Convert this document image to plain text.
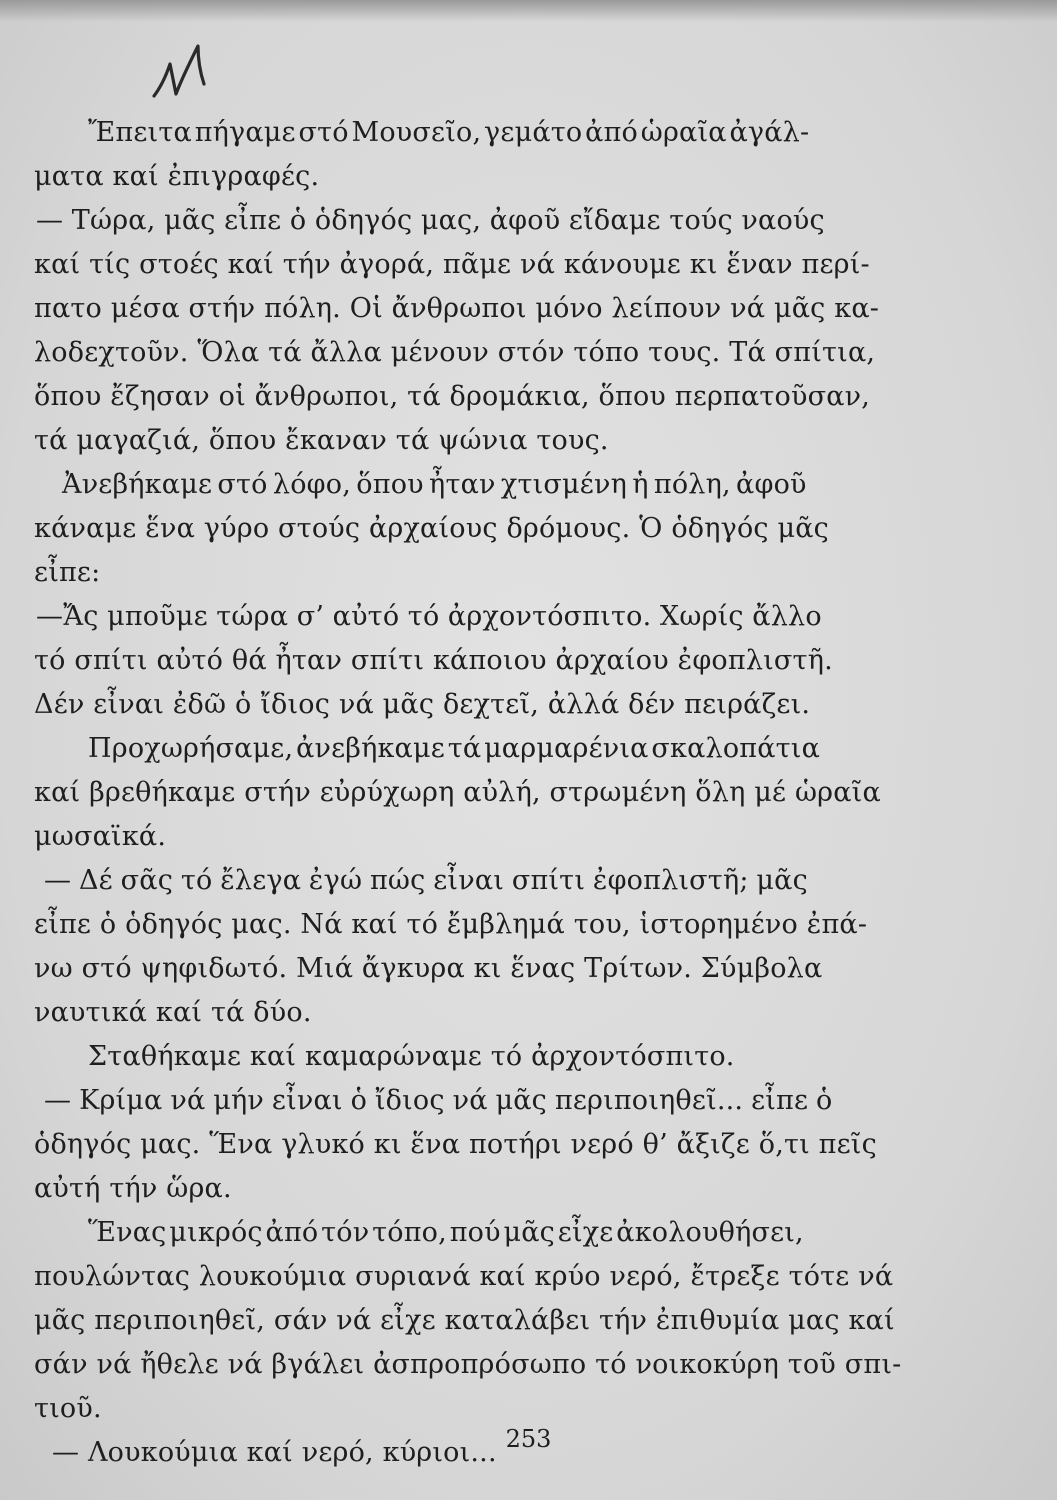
Ἔπειτα πήγαμε στό Μουσεῖο, γεμάτο ἀπό ὡραῖα ἀγάλ-
ματα καί ἐπιγραφές.
— Τώρα, μᾶς εἶπε ὁ ὁδηγός μας, ἀφοῦ εἴδαμε τούς ναούς
καί τίς στοές καί τήν ἀγορά, πᾶμε νά κάνουμε κι ἕναν περί-
πατο μέσα στήν πόλη. Οἱ ἄνθρωποι μόνο λείπουν νά μᾶς κα-
λοδεχτοῦν. Ὅλα τά ἄλλα μένουν στόν τόπο τους. Τά σπίτια,
ὅπου ἔζησαν οἱ ἄνθρωποι, τά δρομάκια, ὅπου περπατοῦσαν,
τά μαγαζιά, ὅπου ἔκαναν τά ψώνια τους.
Ἀνεβήκαμε στό λόφο, ὅπου ἦταν χτισμένη ἡ πόλη, ἀφοῦ
κάναμε ἕνα γύρο στούς ἀρχαίους δρόμους. Ὁ ὁδηγός μᾶς
εἶπε:
—Ἄς μποῦμε τώρα σ’ αὐτό τό ἀρχοντόσπιτο. Χωρίς ἄλλο
τό σπίτι αὐτό θά ἦταν σπίτι κάποιου ἀρχαίου ἐφοπλιστῆ.
Δέν εἶναι ἐδῶ ὁ ἴδιος νά μᾶς δεχτεῖ, ἀλλά δέν πειράζει.
Προχωρήσαμε, ἀνεβήκαμε τά μαρμαρένια σκαλοπάτια
καί βρεθήκαμε στήν εὐρύχωρη αὐλή, στρωμένη ὅλη μέ ὡραῖα
μωσαϊκά.
— Δέ σᾶς τό ἔλεγα ἐγώ πώς εἶναι σπίτι ἐφοπλιστῆ; μᾶς
εἶπε ὁ ὁδηγός μας. Νά καί τό ἔμβλημά του, ἱστορημένο ἐπά-
νω στό ψηφιδωτό. Μιά ἄγκυρα κι ἕνας Τρίτων. Σύμβολα
ναυτικά καί τά δύο.
Σταθήκαμε καί καμαρώναμε τό ἀρχοντόσπιτο.
— Κρίμα νά μήν εἶναι ὁ ἴδιος νά μᾶς περιποιηθεῖ... εἶπε ὁ
ὁδηγός μας. Ἕνα γλυκό κι ἕνα ποτήρι νερό θ’ ἄξιζε ὅ,τι πεῖς
αὐτή τήν ὥρα.
Ἕνας μικρός ἀπό τόν τόπο, πού μᾶς εἶχε ἀκολουθήσει,
πουλώντας λουκούμια συριανά καί κρύο νερό, ἔτρεξε τότε νά
μᾶς περιποιηθεῖ, σάν νά εἶχε καταλάβει τήν ἐπιθυμία μας καί
σάν νά ἤθελε νά βγάλει ἀσπροπρόσωπο τό νοικοκύρη τοῦ σπι-
τιοῦ.
— Λουκούμια καί νερό, κύριοι... 253
